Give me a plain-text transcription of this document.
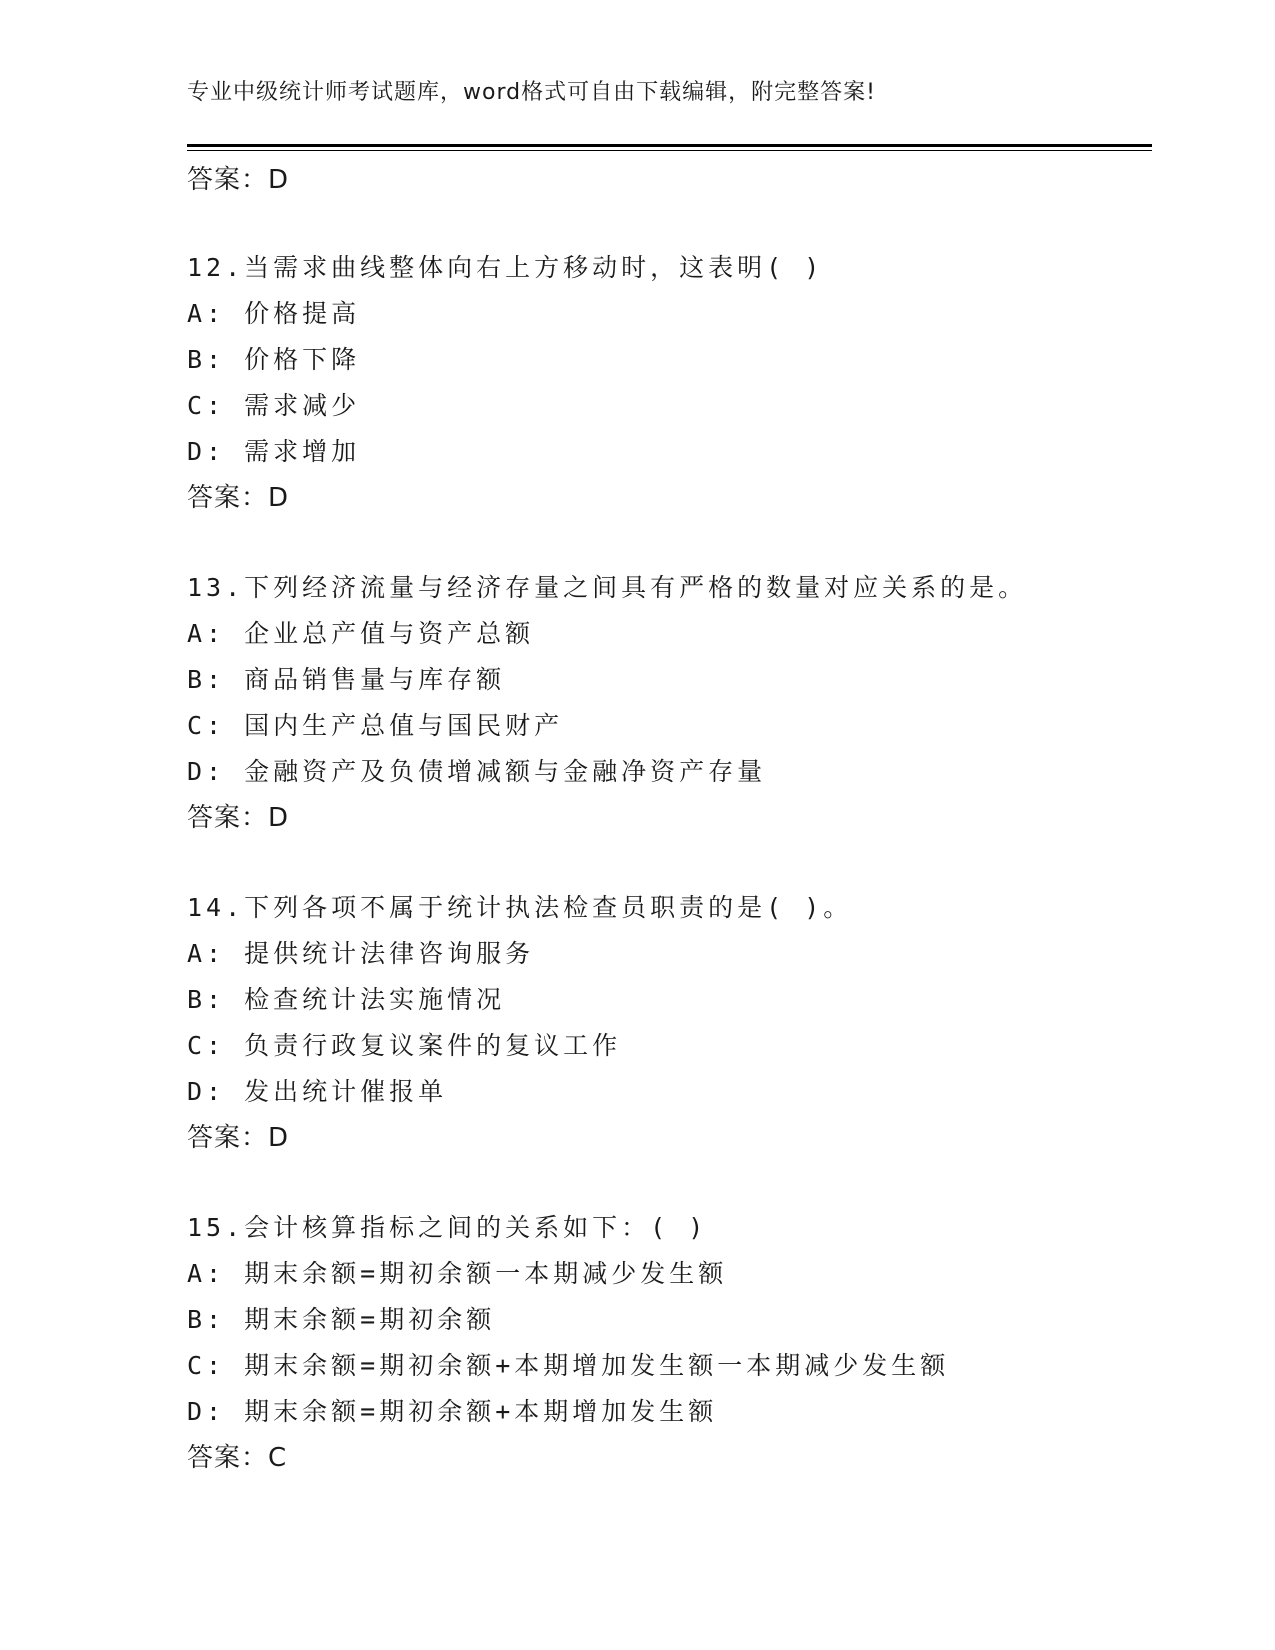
专业中级统计师考试题库，word格式可自由下载编辑，附完整答案!
答案：D
12.当需求曲线整体向右上方移动时，这表明( )
A: 价格提高
B: 价格下降
C: 需求减少
D: 需求增加
答案：D
13.下列经济流量与经济存量之间具有严格的数量对应关系的是。
A: 企业总产值与资产总额
B: 商品销售量与库存额
C: 国内生产总值与国民财产
D: 金融资产及负债增减额与金融净资产存量
答案：D
14.下列各项不属于统计执法检查员职责的是( )。
A: 提供统计法律咨询服务
B: 检查统计法实施情况
C: 负责行政复议案件的复议工作
D: 发出统计催报单
答案：D
15.会计核算指标之间的关系如下：( )
A: 期末余额=期初余额一本期减少发生额
B: 期末余额=期初余额
C: 期末余额=期初余额+本期增加发生额一本期减少发生额
D: 期末余额=期初余额+本期增加发生额
答案：C
